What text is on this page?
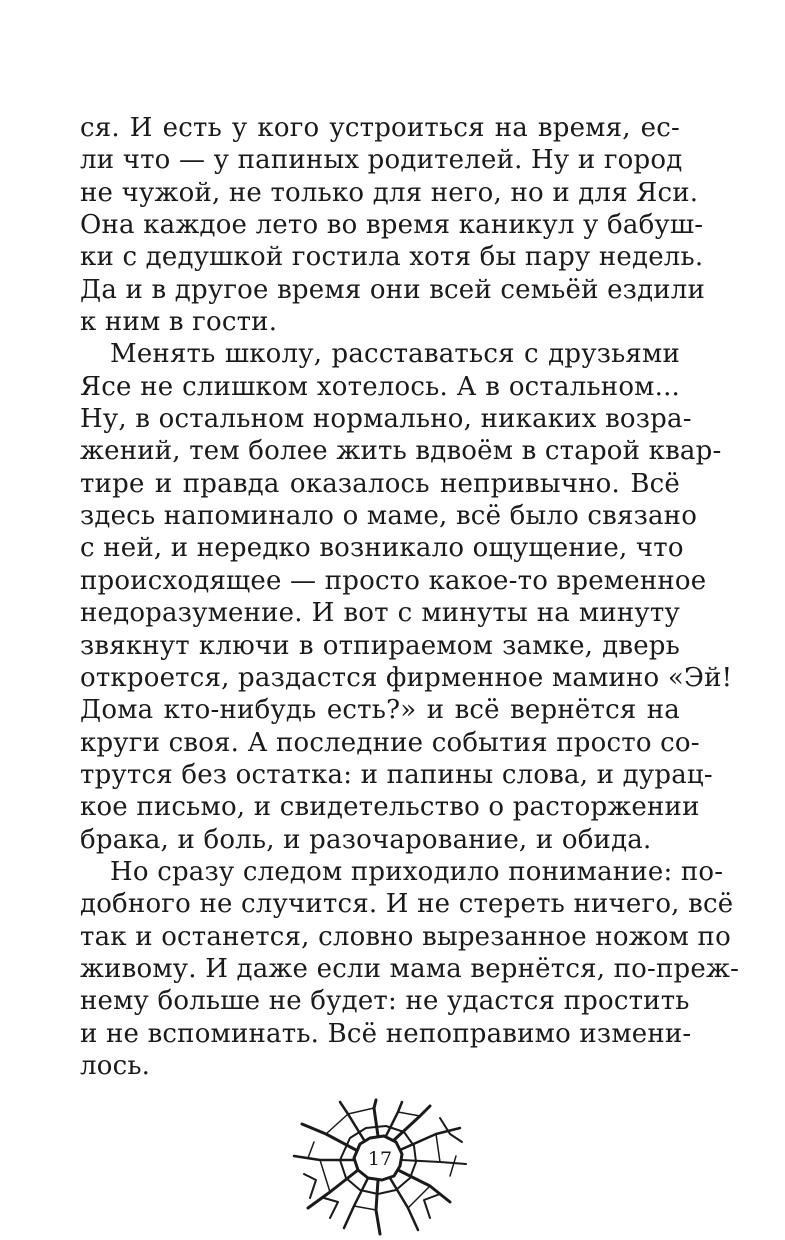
ся. И есть у кого устроиться на время, ес-
ли что — у папиных родителей. Ну и город
не чужой, не только для него, но и для Яси.
Она каждое лето во время каникул у бабуш-
ки с дедушкой гостила хотя бы пару недель.
Да и в другое время они всей семьёй ездили
к ним в гости.
Менять школу, расставаться с друзьями
Ясе не слишком хотелось. А в остальном...
Ну, в остальном нормально, никаких возра-
жений, тем более жить вдвоём в старой квар-
тире и правда оказалось непривычно. Всё
здесь напоминало о маме, всё было связано
с ней, и нередко возникало ощущение, что
происходящее — просто какое-то временное
недоразумение. И вот с минуты на минуту
звякнут ключи в отпираемом замке, дверь
откроется, раздастся фирменное мамино «Эй!
Дома кто-нибудь есть?» и всё вернётся на
круги своя. А последние события просто со-
трутся без остатка: и папины слова, и дурац-
кое письмо, и свидетельство о расторжении
брака, и боль, и разочарование, и обида.
Но сразу следом приходило понимание: по-
добного не случится. И не стереть ничего, всё
так и останется, словно вырезанное ножом по
живому. И даже если мама вернётся, по-преж-
нему больше не будет: не удастся простить
и не вспоминать. Всё непоправимо измени-
лось.
17
